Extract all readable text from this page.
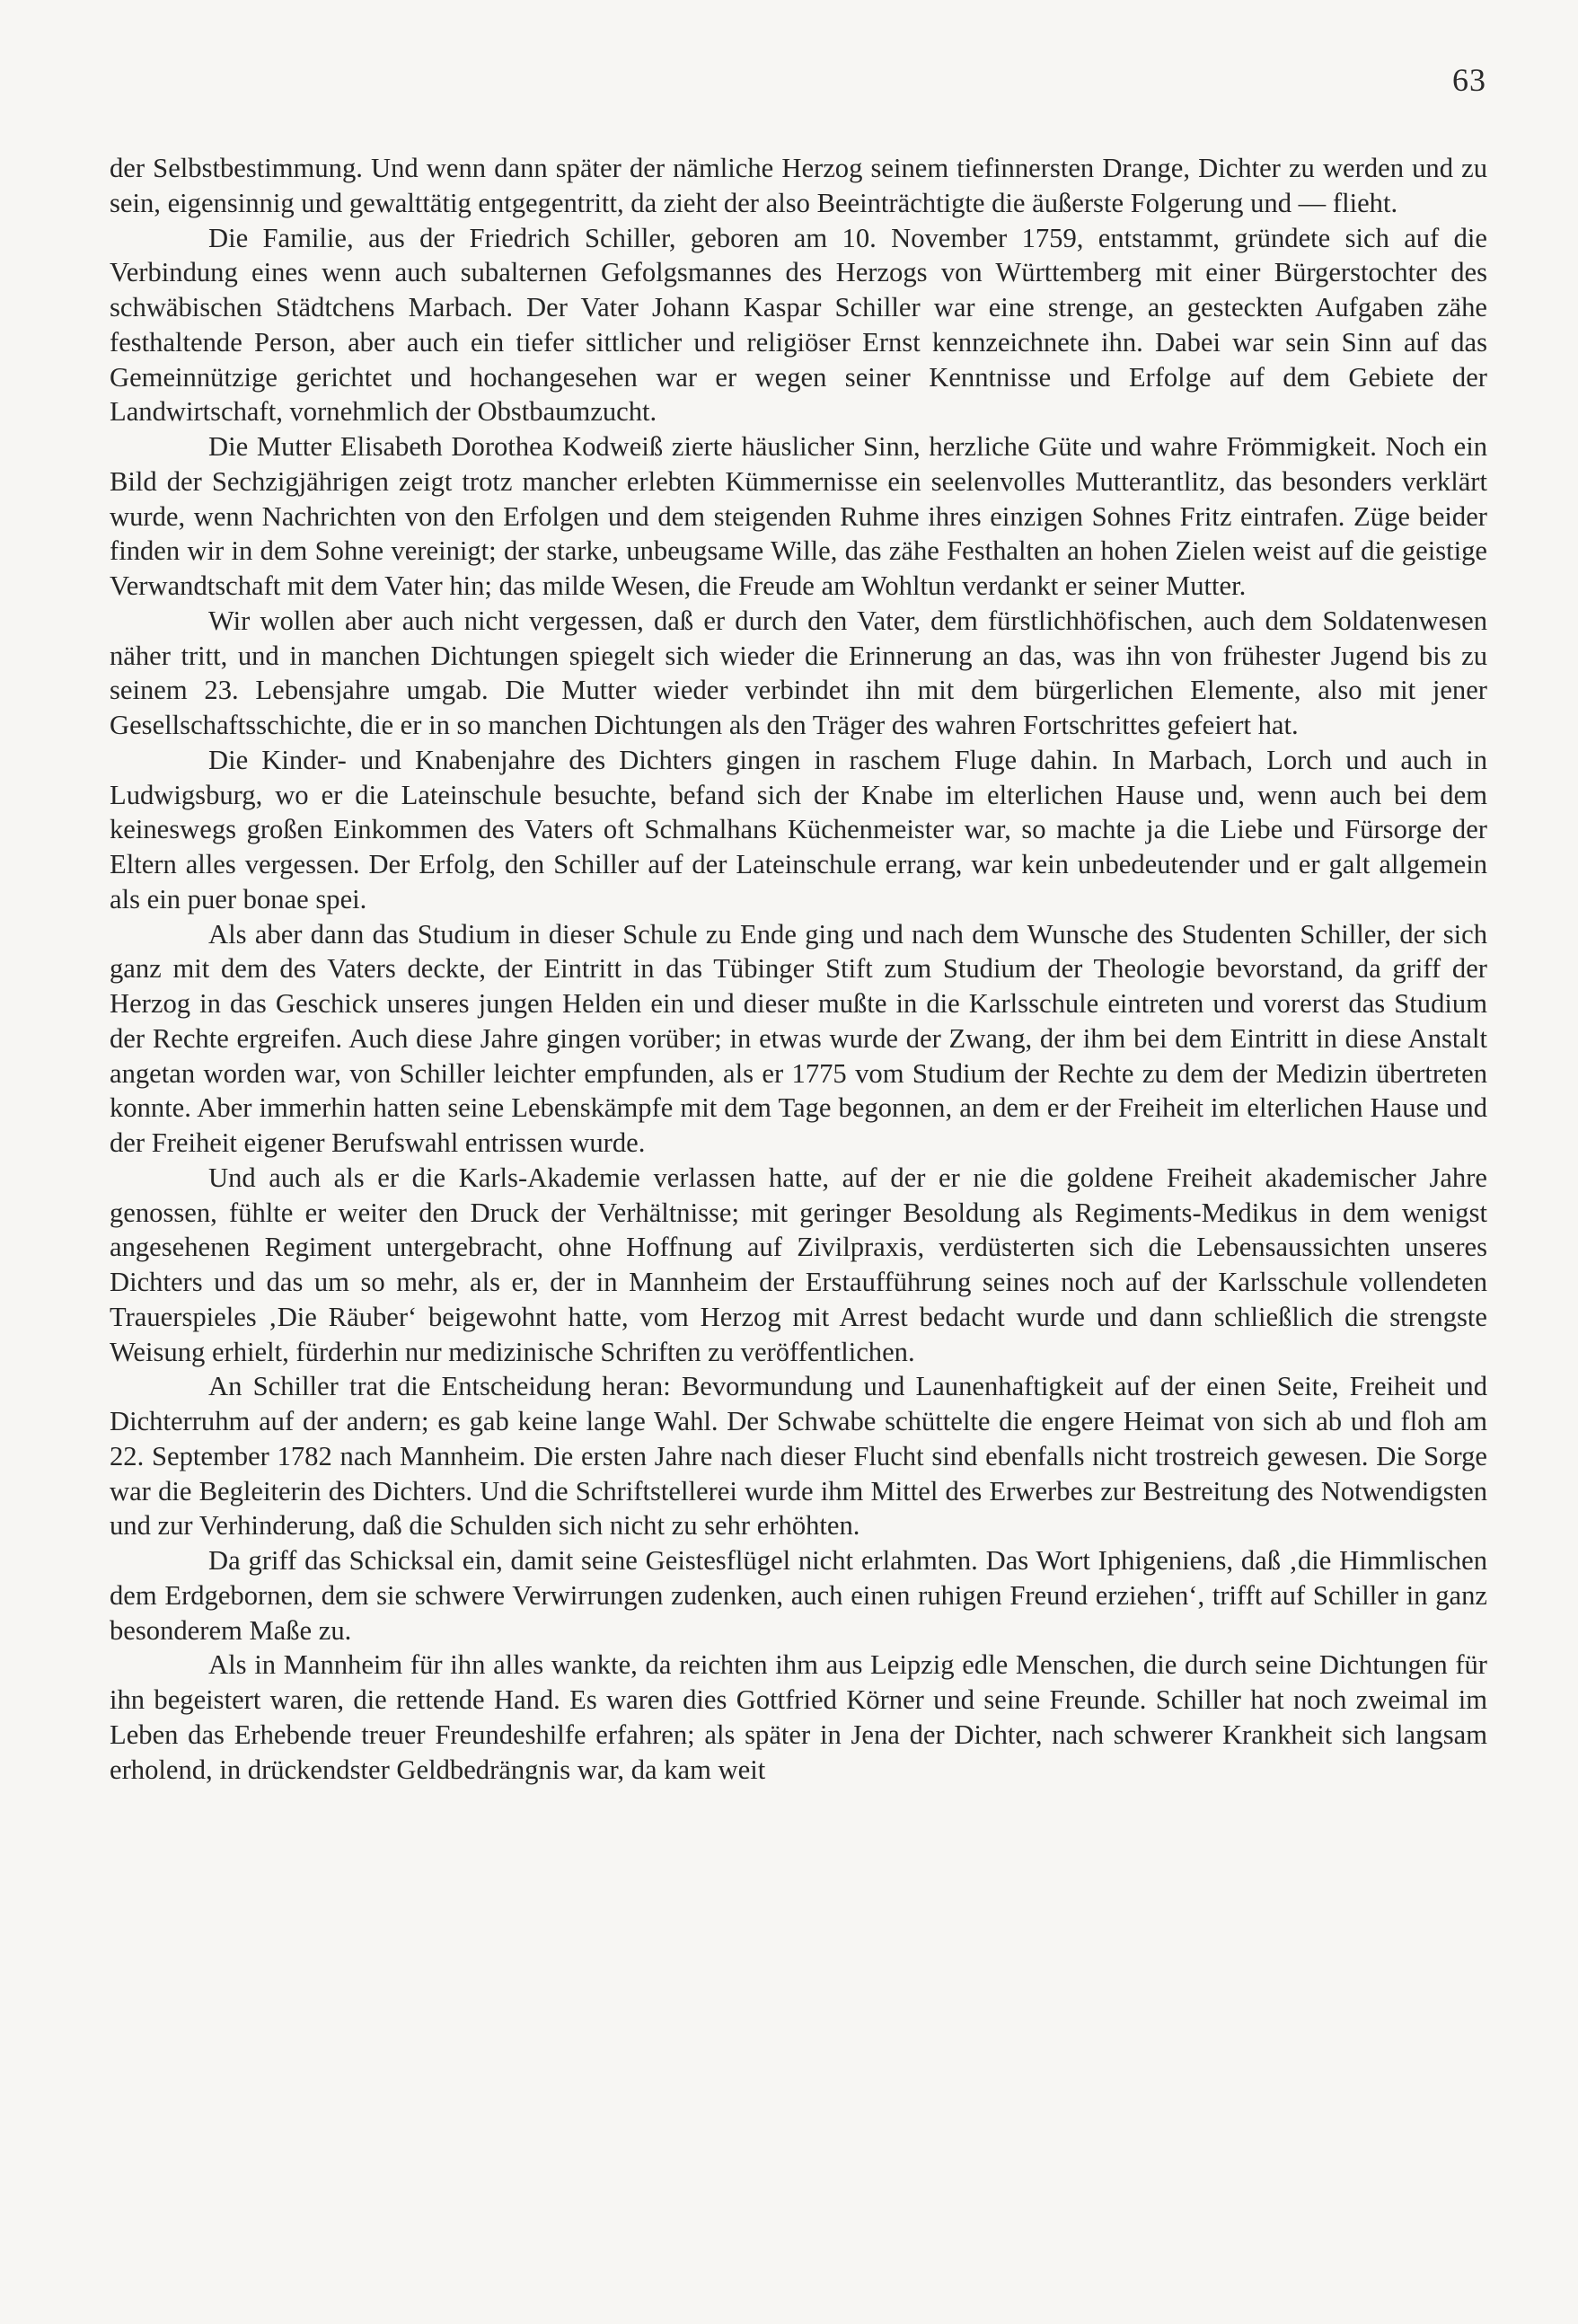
63

der Selbstbestimmung. Und wenn dann später der nämliche Herzog seinem tiefinnersten Drange, Dichter zu werden und zu sein, eigensinnig und gewalttätig entgegentritt, da zieht der also Beeinträchtigte die äußerste Folgerung und — flieht.

Die Familie, aus der Friedrich Schiller, geboren am 10. November 1759, entstammt, gründete sich auf die Verbindung eines wenn auch subalternen Gefolgsmannes des Herzogs von Württemberg mit einer Bürgerstochter des schwäbischen Städtchens Marbach. Der Vater Johann Kaspar Schiller war eine strenge, an gesteckten Aufgaben zähe festhaltende Person, aber auch ein tiefer sittlicher und religiöser Ernst kennzeichnete ihn. Dabei war sein Sinn auf das Gemeinnützige gerichtet und hochangesehen war er wegen seiner Kenntnisse und Erfolge auf dem Gebiete der Landwirtschaft, vornehmlich der Obstbaumzucht.

Die Mutter Elisabeth Dorothea Kodweiß zierte häuslicher Sinn, herzliche Güte und wahre Frömmigkeit. Noch ein Bild der Sechzigjährigen zeigt trotz mancher erlebten Kümmernisse ein seelenvolles Mutterantlitz, das besonders verklärt wurde, wenn Nachrichten von den Erfolgen und dem steigenden Ruhme ihres einzigen Sohnes Fritz eintrafen. Züge beider finden wir in dem Sohne vereinigt; der starke, unbeugsame Wille, das zähe Festhalten an hohen Zielen weist auf die geistige Verwandtschaft mit dem Vater hin; das milde Wesen, die Freude am Wohltun verdankt er seiner Mutter.

Wir wollen aber auch nicht vergessen, daß er durch den Vater, dem fürstlichhöfischen, auch dem Soldatenwesen näher tritt, und in manchen Dichtungen spiegelt sich wieder die Erinnerung an das, was ihn von frühester Jugend bis zu seinem 23. Lebensjahre umgab. Die Mutter wieder verbindet ihn mit dem bürgerlichen Elemente, also mit jener Gesellschaftsschichte, die er in so manchen Dichtungen als den Träger des wahren Fortschrittes gefeiert hat.

Die Kinder- und Knabenjahre des Dichters gingen in raschem Fluge dahin. In Marbach, Lorch und auch in Ludwigsburg, wo er die Lateinschule besuchte, befand sich der Knabe im elterlichen Hause und, wenn auch bei dem keineswegs großen Einkommen des Vaters oft Schmalhans Küchenmeister war, so machte ja die Liebe und Fürsorge der Eltern alles vergessen. Der Erfolg, den Schiller auf der Lateinschule errang, war kein unbedeutender und er galt allgemein als ein puer bonae spei.

Als aber dann das Studium in dieser Schule zu Ende ging und nach dem Wunsche des Studenten Schiller, der sich ganz mit dem des Vaters deckte, der Eintritt in das Tübinger Stift zum Studium der Theologie bevorstand, da griff der Herzog in das Geschick unseres jungen Helden ein und dieser mußte in die Karlsschule eintreten und vorerst das Studium der Rechte ergreifen. Auch diese Jahre gingen vorüber; in etwas wurde der Zwang, der ihm bei dem Eintritt in diese Anstalt angetan worden war, von Schiller leichter empfunden, als er 1775 vom Studium der Rechte zu dem der Medizin übertreten konnte. Aber immerhin hatten seine Lebenskämpfe mit dem Tage begonnen, an dem er der Freiheit im elterlichen Hause und der Freiheit eigener Berufswahl entrissen wurde.

Und auch als er die Karls-Akademie verlassen hatte, auf der er nie die goldene Freiheit akademischer Jahre genossen, fühlte er weiter den Druck der Verhältnisse; mit geringer Besoldung als Regiments-Medikus in dem wenigst angesehenen Regiment untergebracht, ohne Hoffnung auf Zivilpraxis, verdüsterten sich die Lebensaussichten unseres Dichters und das um so mehr, als er, der in Mannheim der Erstaufführung seines noch auf der Karlsschule vollendeten Trauerspieles ‚Die Räuber‘ beigewohnt hatte, vom Herzog mit Arrest bedacht wurde und dann schließlich die strengste Weisung erhielt, fürderhin nur medizinische Schriften zu veröffentlichen.

An Schiller trat die Entscheidung heran: Bevormundung und Launenhaftigkeit auf der einen Seite, Freiheit und Dichterruhm auf der andern; es gab keine lange Wahl. Der Schwabe schüttelte die engere Heimat von sich ab und floh am 22. September 1782 nach Mannheim. Die ersten Jahre nach dieser Flucht sind ebenfalls nicht trostreich gewesen. Die Sorge war die Begleiterin des Dichters. Und die Schriftstellerei wurde ihm Mittel des Erwerbes zur Bestreitung des Notwendigsten und zur Verhinderung, daß die Schulden sich nicht zu sehr erhöhten.

Da griff das Schicksal ein, damit seine Geistesflügel nicht erlahmten. Das Wort Iphigeniens, daß ‚die Himmlischen dem Erdgebornen, dem sie schwere Verwirrungen zudenken, auch einen ruhigen Freund erziehen‘, trifft auf Schiller in ganz besonderem Maße zu.

Als in Mannheim für ihn alles wankte, da reichten ihm aus Leipzig edle Menschen, die durch seine Dichtungen für ihn begeistert waren, die rettende Hand. Es waren dies Gottfried Körner und seine Freunde. Schiller hat noch zweimal im Leben das Erhebende treuer Freundeshilfe erfahren; als später in Jena der Dichter, nach schwerer Krankheit sich langsam erholend, in drückendster Geldbedrängnis war, da kam weit
